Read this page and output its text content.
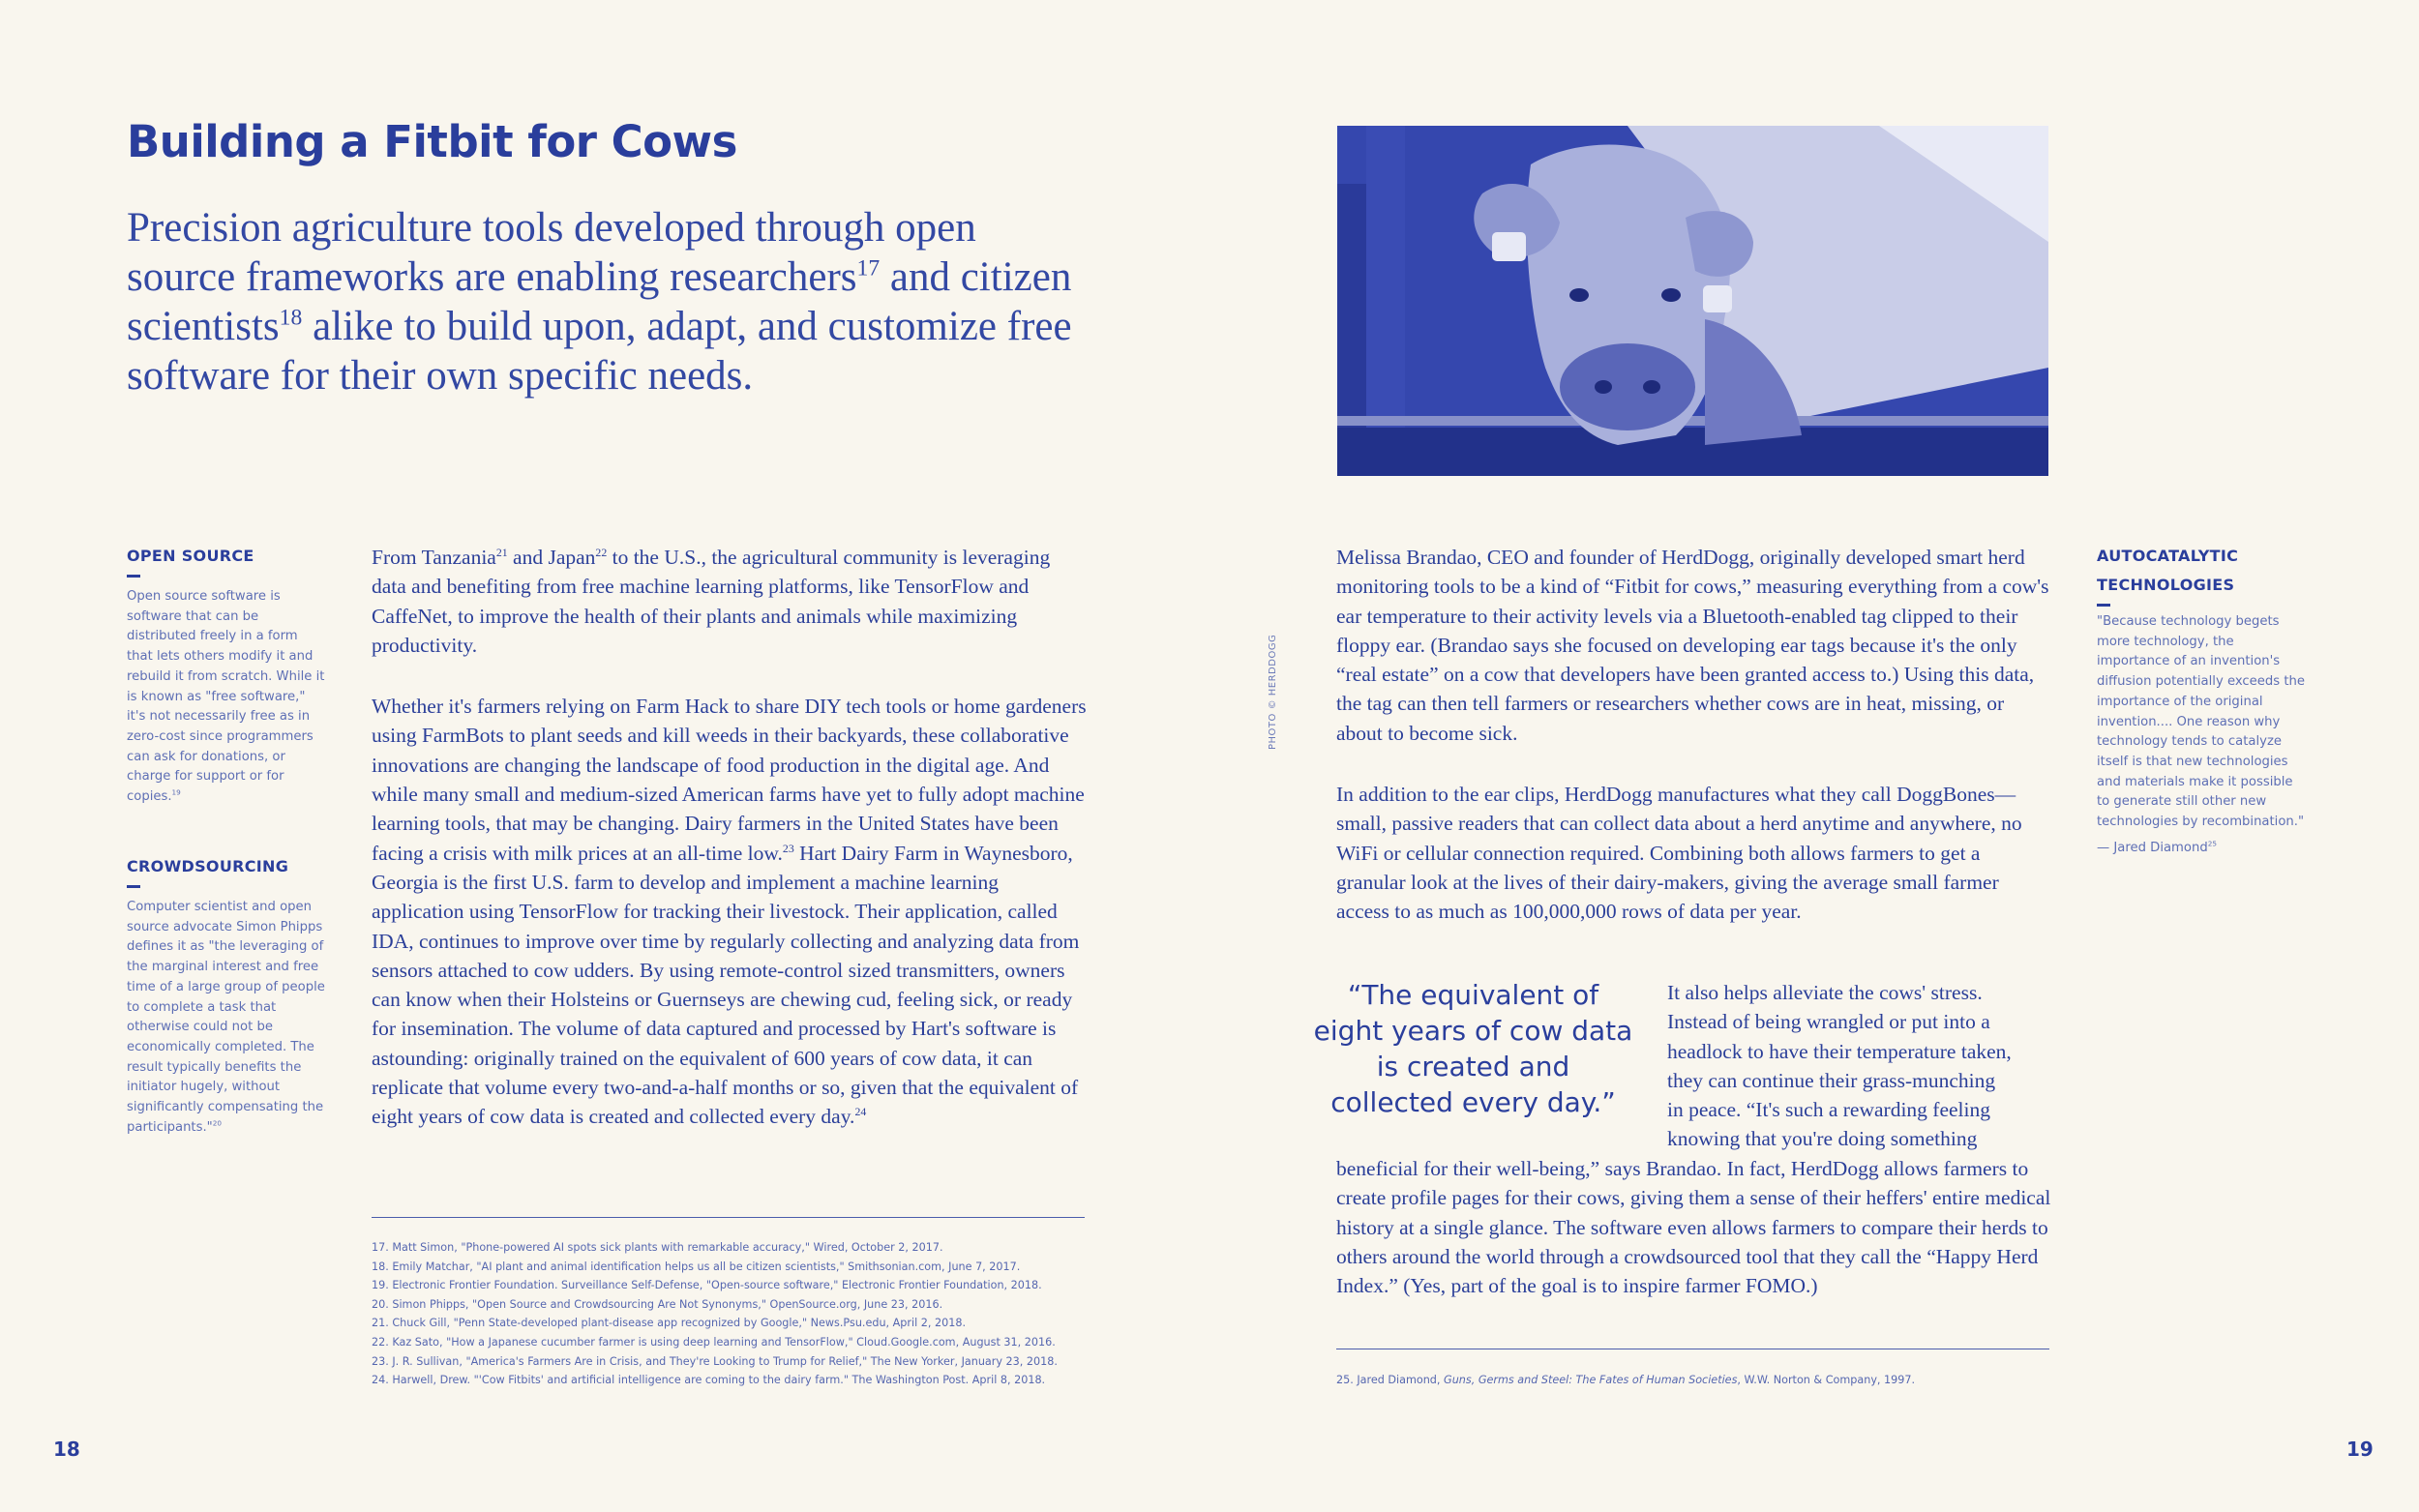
Building a Fitbit for Cows

Precision agriculture tools developed through open source frameworks are enabling researchers$^{17}$ and citizen scientists$^{18}$ alike to build upon, adapt, and customize free software for their own specific needs.

OPEN SOURCE
Open source software is software that can be distributed freely in a form that lets others modify it and rebuild it from scratch. While it is known as "free software," it's not necessarily free as in zero-cost since programmers can ask for donations, or charge for support or for copies.$^{19}$
CROWDSOURCING
Computer scientist and open source advocate Simon Phipps defines it as "the leveraging of the marginal interest and free time of a large group of people to complete a task that otherwise could not be economically completed. The result typically benefits the initiator hugely, without significantly compensating the participants."$^{20}$

From Tanzania$^{21}$ and Japan$^{22}$ to the U.S., the agricultural community is leveraging data and benefiting from free machine learning platforms, like TensorFlow and CaffeNet, to improve the health of their plants and animals while maximizing productivity.

Whether it's farmers relying on Farm Hack to share DIY tech tools or home gardeners using FarmBots to plant seeds and kill weeds in their backyards, these collaborative innovations are changing the landscape of food production in the digital age. And while many small and medium-sized American farms have yet to fully adopt machine learning tools, that may be changing. Dairy farmers in the United States have been facing a crisis with milk prices at an all-time low.$^{23}$ Hart Dairy Farm in Waynesboro, Georgia is the first U.S. farm to develop and implement a machine learning application using TensorFlow for tracking their livestock. Their application, called IDA, continues to improve over time by regularly collecting and analyzing data from sensors attached to cow udders. By using remote-control sized transmitters, owners can know when their Holsteins or Guernseys are chewing cud, feeling sick, or ready for insemination. The volume of data captured and processed by Hart's software is astounding: originally trained on the equivalent of 600 years of cow data, it can replicate that volume every two-and-a-half months or so, given that the equivalent of eight years of cow data is created and collected every day.$^{24}$

17. Matt Simon, "Phone-powered AI spots sick plants with remarkable accuracy," Wired, October 2, 2017.
18. Emily Matchar, "AI plant and animal identification helps us all be citizen scientists," Smithsonian.com, June 7, 2017.
19. Electronic Frontier Foundation. Surveillance Self-Defense, "Open-source software," Electronic Frontier Foundation, 2018.
20. Simon Phipps, "Open Source and Crowdsourcing Are Not Synonyms," OpenSource.org, June 23, 2016.
21. Chuck Gill, "Penn State-developed plant-disease app recognized by Google," News.Psu.edu, April 2, 2018.
22. Kaz Sato, "How a Japanese cucumber farmer is using deep learning and TensorFlow," Cloud.Google.com, August 31, 2016.
23. J. R. Sullivan, "America's Farmers Are in Crisis, and They're Looking to Trump for Relief," The New Yorker, January 23, 2018.
24. Harwell, Drew. "'Cow Fitbits' and artificial intelligence are coming to the dairy farm." The Washington Post. April 8, 2018.
18
PHOTO © HERDDOGG

Melissa Brandao, CEO and founder of HerdDogg, originally developed smart herd monitoring tools to be a kind of “Fitbit for cows,” measuring everything from a cow's ear temperature to their activity levels via a Bluetooth-enabled tag clipped to their floppy ear. (Brandao says she focused on developing ear tags because it's the only “real estate” on a cow that developers have been granted access to.) Using this data, the tag can then tell farmers or researchers whether cows are in heat, missing, or about to become sick.

In addition to the ear clips, HerdDogg manufactures what they call DoggBones—small, passive readers that can collect data about a herd anytime and anywhere, no WiFi or cellular connection required. Combining both allows farmers to get a granular look at the lives of their dairy-makers, giving the average small farmer access to as much as 100,000,000 rows of data per year.

“The equivalent of eight years of cow data is created and collected every day.”

It also helps alleviate the cows' stress.
Instead of being wrangled or put into a
headlock to have their temperature taken,
they can continue their grass-munching
in peace. “It's such a rewarding feeling
knowing that you're doing something

beneficial for their well-being,” says Brandao. In fact, HerdDogg allows farmers to create profile pages for their cows, giving them a sense of their heffers' entire medical history at a single glance. The software even allows farmers to compare their herds to others around the world through a crowdsourced tool that they call the “Happy Herd Index.” (Yes, part of the goal is to inspire farmer FOMO.)

25. Jared Diamond, Guns, Germs and Steel: The Fates of Human Societies, W.W. Norton & Company, 1997.
AUTOCATALYTIC
TECHNOLOGIES
"Because technology begets more technology, the importance of an invention's diffusion potentially exceeds the importance of the original invention.... One reason why technology tends to catalyze itself is that new technologies and materials make it possible to generate still other new technologies by recombination."
— Jared Diamond$^{25}$
19
